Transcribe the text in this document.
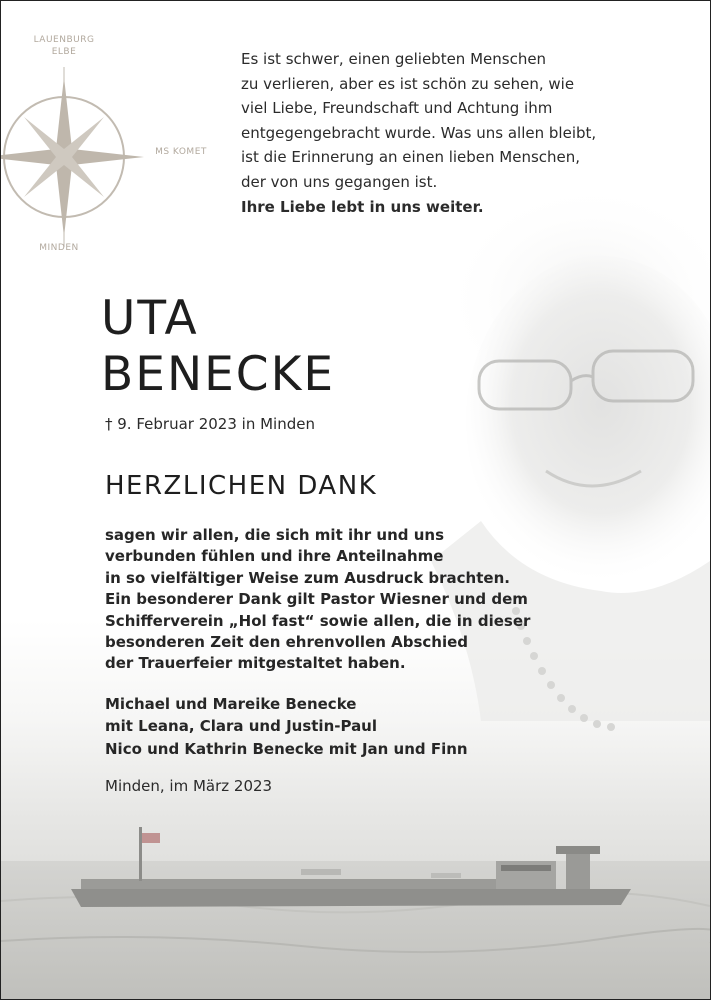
LAUENBURG
ELBE
MS KOMET
MINDEN
Es ist schwer, einen geliebten Menschen
zu verlieren, aber es ist schön zu sehen, wie
viel Liebe, Freundschaft und Achtung ihm
entgegengebracht wurde. Was uns allen bleibt,
ist die Erinnerung an einen lieben Menschen,
der von uns gegangen ist.
Ihre Liebe lebt in uns weiter.
UTA
BENECKE
† 9. Februar 2023 in Minden
HERZLICHEN DANK
sagen wir allen, die sich mit ihr und uns
verbunden fühlen und ihre Anteilnahme
in so vielfältiger Weise zum Ausdruck brachten.
Ein besonderer Dank gilt Pastor Wiesner und dem
Schifferverein „Hol fast“ sowie allen, die in dieser
besonderen Zeit den ehrenvollen Abschied
der Trauerfeier mitgestaltet haben.
Michael und Mareike Benecke
mit Leana, Clara und Justin-Paul
Nico und Kathrin Benecke mit Jan und Finn
Minden, im März 2023
